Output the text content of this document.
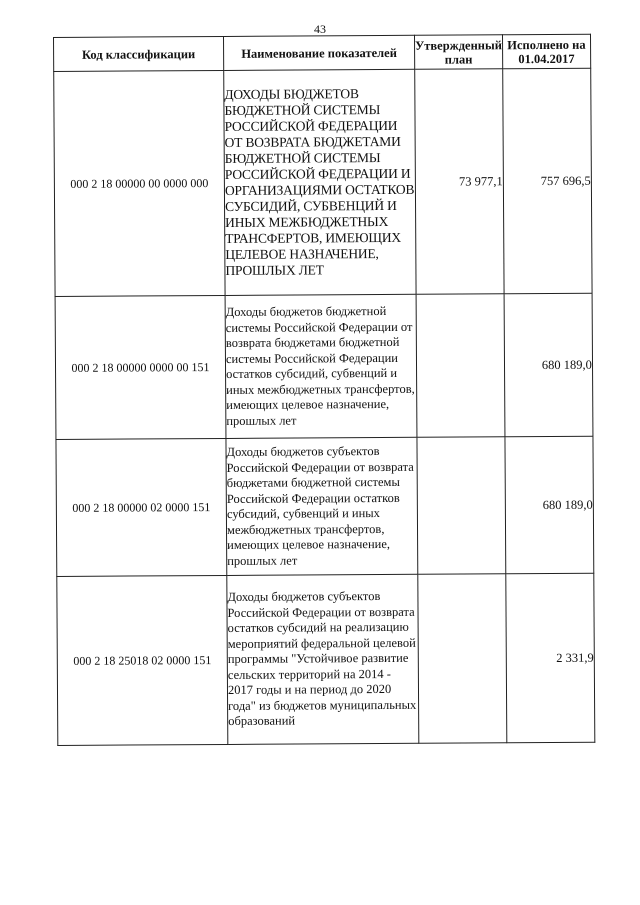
43
Код классификации	Наименование показателей	Утвержденный план	Исполнено на 01.04.2017
000 2 18 00000 00 0000 000	ДОХОДЫ БЮДЖЕТОВ БЮДЖЕТНОЙ СИСТЕМЫ РОССИЙСКОЙ ФЕДЕРАЦИИ ОТ ВОЗВРАТА БЮДЖЕТАМИ БЮДЖЕТНОЙ СИСТЕМЫ РОССИЙСКОЙ ФЕДЕРАЦИИ И ОРГАНИЗАЦИЯМИ ОСТАТКОВ СУБСИДИЙ, СУБВЕНЦИЙ И ИНЫХ МЕЖБЮДЖЕТНЫХ ТРАНСФЕРТОВ, ИМЕЮЩИХ ЦЕЛЕВОЕ НАЗНАЧЕНИЕ, ПРОШЛЫХ ЛЕТ	73 977,1	757 696,5
000 2 18 00000 0000 00 151	Доходы бюджетов бюджетной системы Российской Федерации от возврата бюджетами бюджетной системы Российской Федерации остатков субсидий, субвенций и иных межбюджетных трансфертов, имеющих целевое назначение, прошлых лет		680 189,0
000 2 18 00000 02 0000 151	Доходы бюджетов субъектов Российской Федерации от возврата бюджетами бюджетной системы Российской Федерации остатков субсидий, субвенций и иных межбюджетных трансфертов, имеющих целевое назначение, прошлых лет		680 189,0
000 2 18 25018 02 0000 151	Доходы бюджетов субъектов Российской Федерации от возврата остатков субсидий на реализацию мероприятий федеральной целевой программы "Устойчивое развитие сельских территорий на 2014 - 2017 годы и на период до 2020 года" из бюджетов муниципальных образований		2 331,9
